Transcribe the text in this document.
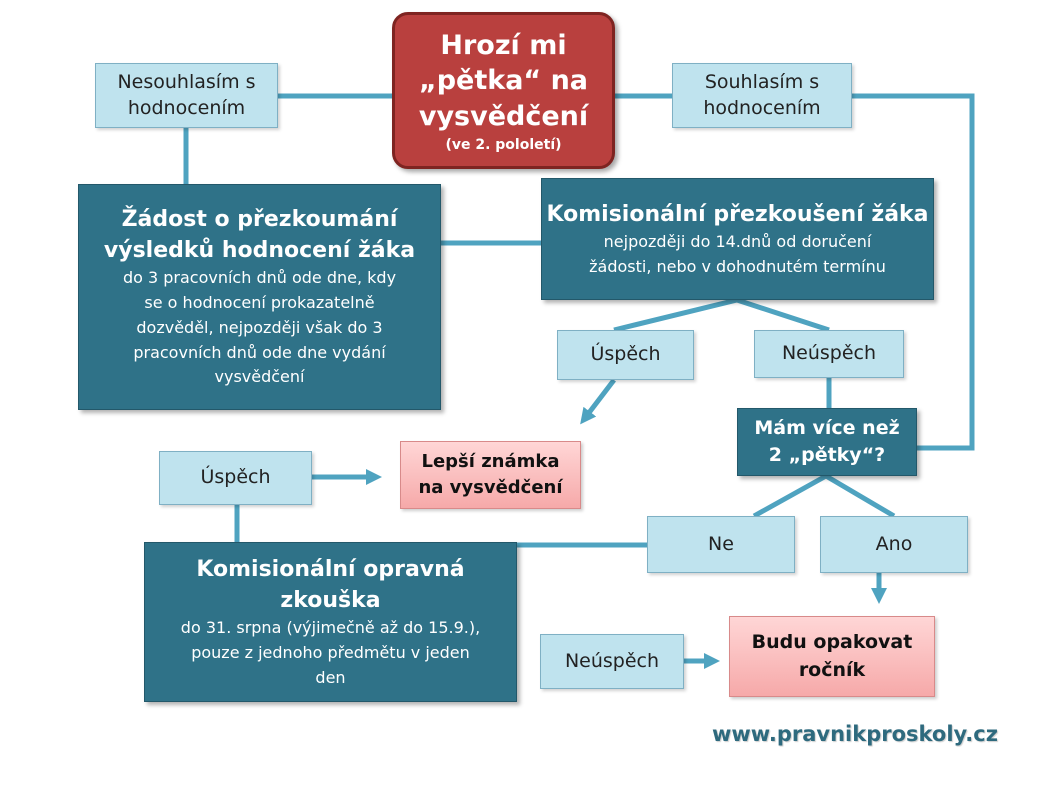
Hrozí mi
„pětka“ na
vysvědčení
(ve 2. pololetí)
Nesouhlasím s
hodnocením
Souhlasím s
hodnocením
Žádost o přezkoumání
výsledků hodnocení žáka
do 3 pracovních dnů ode dne, kdy
se o hodnocení prokazatelně
dozvěděl, nejpozději však do 3
pracovních dnů ode dne vydání
vysvědčení
Komisionální přezkoušení žáka
nejpozději do 14.dnů od doručení
žádosti, nebo v dohodnutém termínu
Úspěch	Neúspěch
Mám více než
2 „pětky“?
Lepší známka
na vysvědčení
Úspěch
Ne	Ano
Komisionální opravná
zkouška
do 31. srpna (výjimečně až do 15.9.),
pouze z jednoho předmětu v jeden
den
Neúspěch
Budu opakovat
ročník
www.pravnikproskoly.cz
